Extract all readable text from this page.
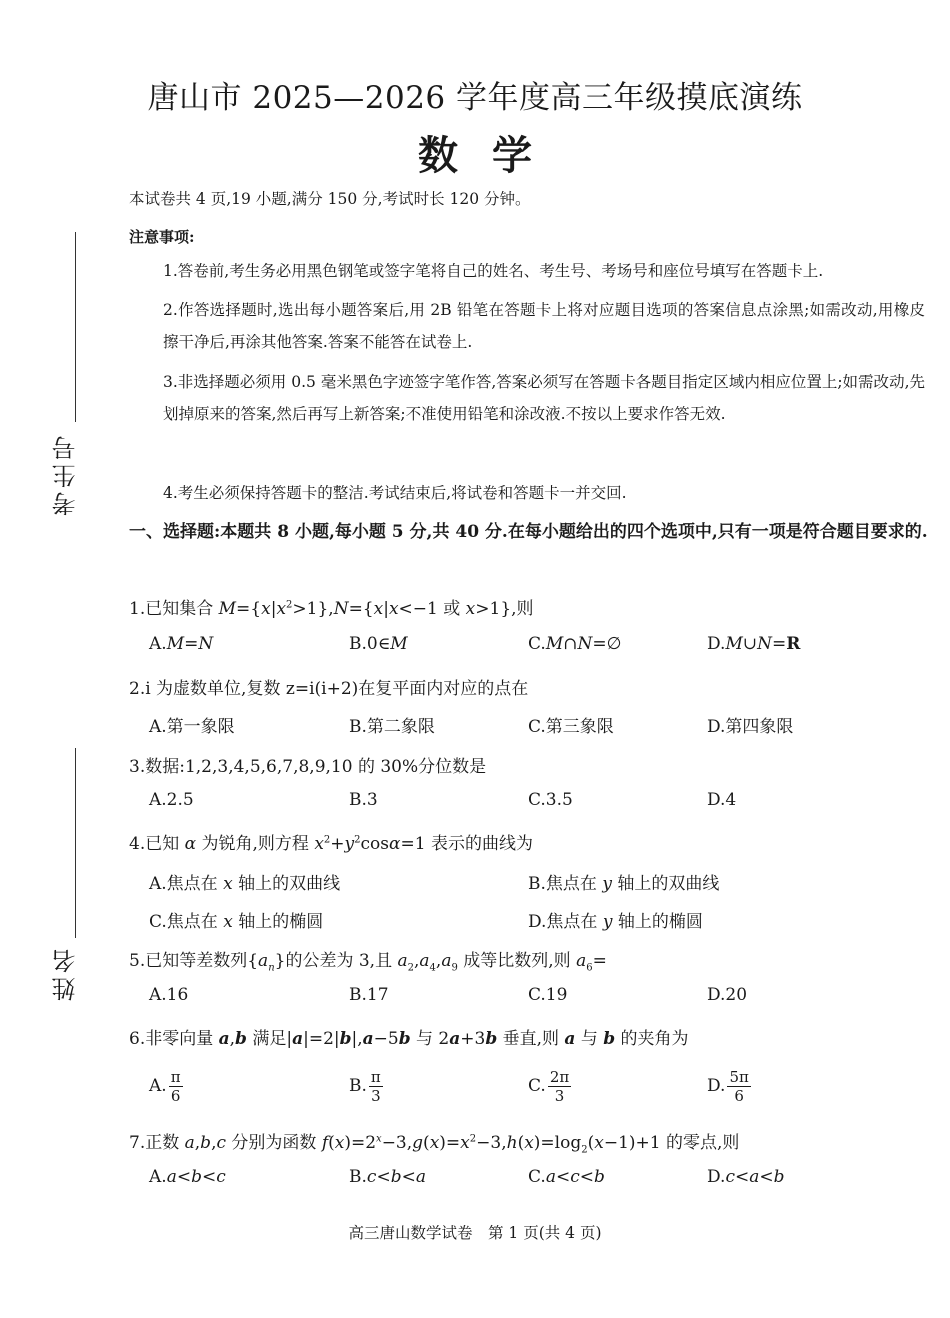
考生号
姓名
唐山市 2025—2026 学年度高三年级摸底演练
数学
本试卷共 4 页,19 小题,满分 150 分,考试时长 120 分钟。
注意事项:
1.答卷前,考生务必用黑色钢笔或签字笔将自己的姓名、考生号、考场号和座位号填写在答题卡上.
2.作答选择题时,选出每小题答案后,用 2B 铅笔在答题卡上将对应题目选项的答案信息点涂黑;如需改动,用橡皮擦干净后,再涂其他答案.答案不能答在试卷上.
3.非选择题必须用 0.5 毫米黑色字迹签字笔作答,答案必须写在答题卡各题目指定区域内相应位置上;如需改动,先划掉原来的答案,然后再写上新答案;不准使用铅笔和涂改液.不按以上要求作答无效.
4.考生必须保持答题卡的整洁.考试结束后,将试卷和答题卡一并交回.
一、选择题:本题共 8 小题,每小题 5 分,共 40 分.在每小题给出的四个选项中,只有一项是符合题目要求的.
1.已知集合 $M=\{x|x^2>1\},N=\{x|x<-1$ 或 x>1},则
A.M=N	B.0∈M	C.M∩N=∅	D.M∪N=R
2.i 为虚数单位,复数 z=i(i+2)在复平面内对应的点在
A.第一象限	B.第二象限	C.第三象限	D.第四象限
3.数据:1,2,3,4,5,6,7,8,9,10 的 30%分位数是
A.2.5	B.3	C.3.5	D.4
4.已知 α 为锐角,则方程 $x^2+y^2\cos\alpha=1$ 表示的曲线为
A.焦点在 x 轴上的双曲线	B.焦点在 y 轴上的双曲线
C.焦点在 x 轴上的椭圆	D.焦点在 y 轴上的椭圆
5.已知等差数列$\{a_n\}$的公差为 3,且 $a_2,a_4,a_9$ 成等比数列,则 $a_6=$
A.16	B.17	C.19	D.20
6.非零向量 a,b 满足|a|=2|b|,a−5b 与 2a+3b 垂直,则 a 与 b 的夹角为
A. $\frac{\pi}{6}$	B. $\frac{\pi}{3}$	C. $\frac{2\pi}{3}$	D. $\frac{5\pi}{6}$
7.正数 a,b,c 分别为函数 $f(x)=2^x-3,g(x)=x^2-3,h(x)=\log_2(x-1)+1$ 的零点,则
A.a<b<c	B.c<b<a	C.a<c<b	D.c<a<b
高三唐山数学试卷　第 1 页(共 4 页)
